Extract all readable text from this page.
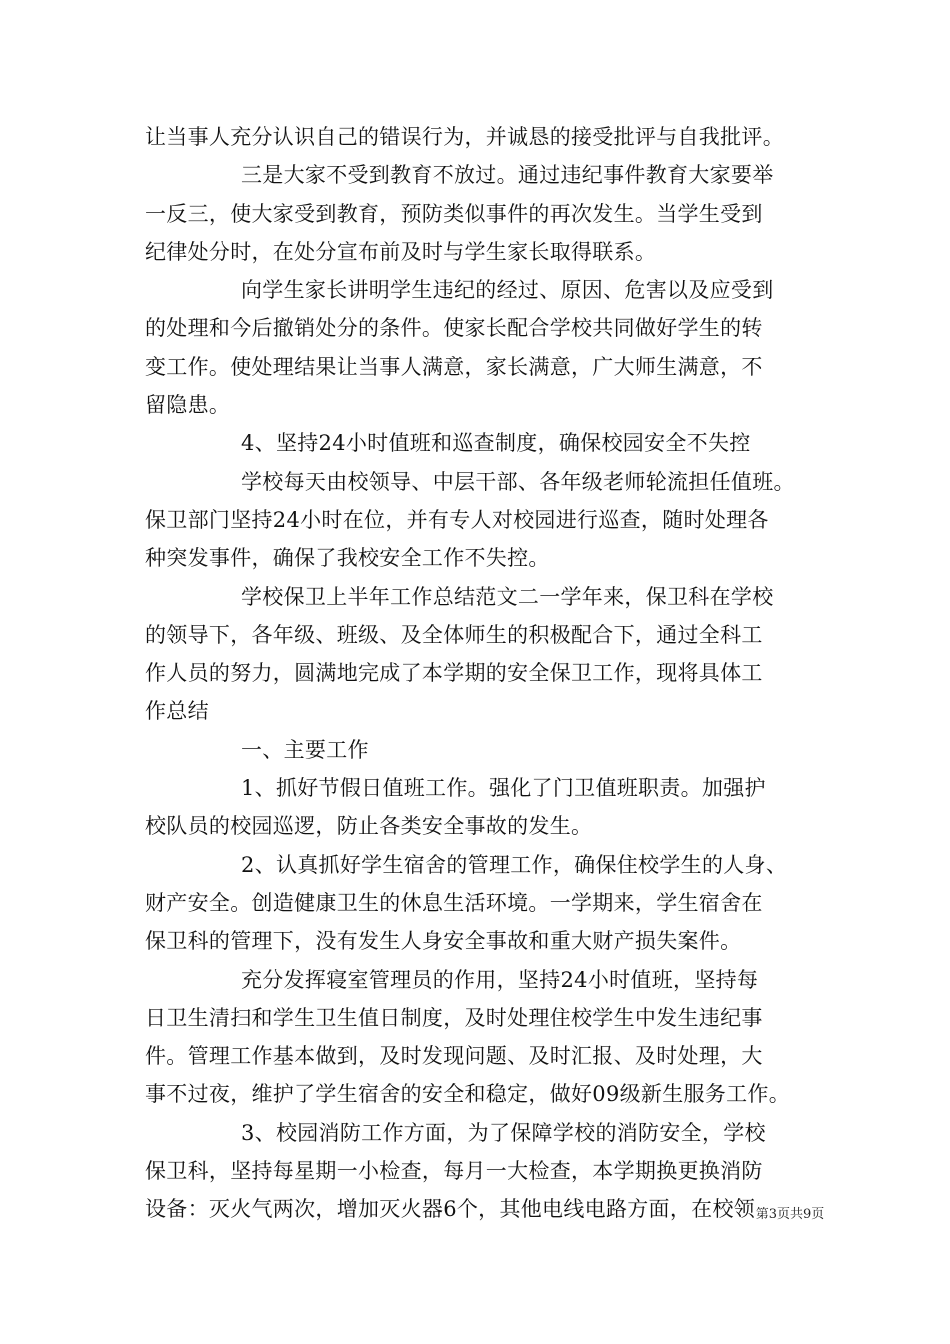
让当事人充分认识自己的错误行为，并诚恳的接受批评与自我批评。
三是大家不受到教育不放过。通过违纪事件教育大家要举
一反三，使大家受到教育，预防类似事件的再次发生。当学生受到
纪律处分时，在处分宣布前及时与学生家长取得联系。
向学生家长讲明学生违纪的经过、原因、危害以及应受到
的处理和今后撤销处分的条件。使家长配合学校共同做好学生的转
变工作。使处理结果让当事人满意，家长满意，广大师生满意，不
留隐患。
4、坚持24小时值班和巡查制度，确保校园安全不失控
学校每天由校领导、中层干部、各年级老师轮流担任值班。
保卫部门坚持24小时在位，并有专人对校园进行巡查，随时处理各
种突发事件，确保了我校安全工作不失控。
学校保卫上半年工作总结范文二一学年来，保卫科在学校
的领导下，各年级、班级、及全体师生的积极配合下，通过全科工
作人员的努力，圆满地完成了本学期的安全保卫工作，现将具体工
作总结
一、主要工作
1、抓好节假日值班工作。强化了门卫值班职责。加强护
校队员的校园巡逻，防止各类安全事故的发生。
2、认真抓好学生宿舍的管理工作，确保住校学生的人身、
财产安全。创造健康卫生的休息生活环境。一学期来，学生宿舍在
保卫科的管理下，没有发生人身安全事故和重大财产损失案件。
充分发挥寝室管理员的作用，坚持24小时值班，坚持每
日卫生清扫和学生卫生值日制度，及时处理住校学生中发生违纪事
件。管理工作基本做到，及时发现问题、及时汇报、及时处理，大
事不过夜，维护了学生宿舍的安全和稳定，做好09级新生服务工作。
3、校园消防工作方面，为了保障学校的消防安全，学校
保卫科，坚持每星期一小检查，每月一大检查，本学期换更换消防
设备：灭火气两次，增加灭火器6个，其他电线电路方面，在校领 第3页共9页
